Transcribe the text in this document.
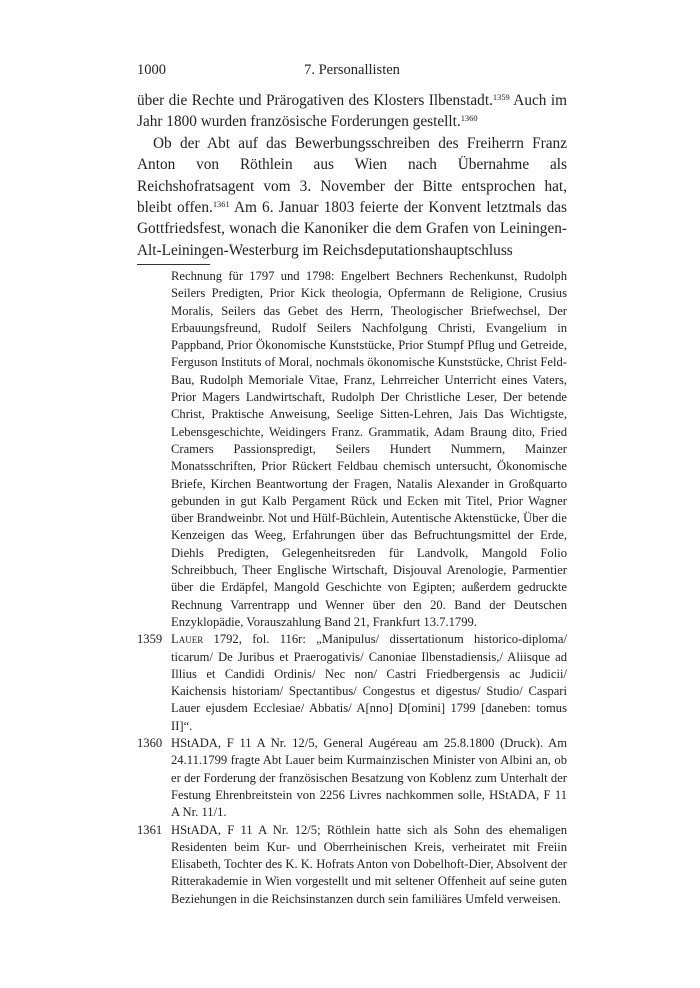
1000	7. Personallisten

über die Rechte und Prärogativen des Klosters Ilbenstadt.$^{1359}$ Auch im Jahr 1800 wurden französische Forderungen gestellt.$^{1360}$

Ob der Abt auf das Bewerbungsschreiben des Freiherrn Franz Anton von Röthlein aus Wien nach Übernahme als Reichshofratsagent vom 3. November der Bitte entsprochen hat, bleibt offen.$^{1361}$ Am 6. Januar 1803 feierte der Konvent letztmals das Gottfriedsfest, wonach die Kanoniker die dem Grafen von Leiningen-Alt-Leiningen-Westerburg im Reichsdeputationshauptschluss

Rechnung für 1797 und 1798: Engelbert Bechners Rechenkunst, Rudolph Seilers Predigten, Prior Kick theologia, Opfermann de Religione, Crusius Moralis, Seilers das Gebet des Herrn, Theologischer Briefwechsel, Der Erbauungsfreund, Rudolf Seilers Nachfolgung Christi, Evangelium in Pappband, Prior Ökonomische Kunststücke, Prior Stumpf Pflug und Getreide, Ferguson Instituts of Moral, nochmals ökonomische Kunststücke, Christ Feld-Bau, Rudolph Memoriale Vitae, Franz, Lehrreicher Unterricht eines Vaters, Prior Magers Landwirtschaft, Rudolph Der Christliche Leser, Der betende Christ, Praktische Anweisung, Seelige Sitten-Lehren, Jais Das Wichtigste, Lebensgeschichte, Weidingers Franz. Grammatik, Adam Braung dito, Fried Cramers Passionspredigt, Seilers Hundert Nummern, Mainzer Monatsschriften, Prior Rückert Feldbau chemisch untersucht, Ökonomische Briefe, Kirchen Beantwortung der Fragen, Natalis Alexander in Großquarto gebunden in gut Kalb Pergament Rück und Ecken mit Titel, Prior Wagner über Brandweinbr. Not und Hülf-Büchlein, Autentische Aktenstücke, Über die Kenzeigen das Weeg, Erfahrungen über das Befruchtungsmittel der Erde, Diehls Predigten, Gelegenheitsreden für Landvolk, Mangold Folio Schreibbuch, Theer Englische Wirtschaft, Disjouval Arenologie, Parmentier über die Erdäpfel, Mangold Geschichte von Egipten; außerdem gedruckte Rechnung Varrentrapp und Wenner über den 20. Band der Deutschen Enzyklopädie, Vorauszahlung Band 21, Frankfurt 13.7.1799.
1359 Lauer 1792, fol. 116r: „Manipulus/ dissertationum historico-diploma/ ticarum/ De Juribus et Praerogativis/ Canoniae Ilbenstadiensis,/ Aliisque ad Illius et Candidi Ordinis/ Nec non/ Castri Friedbergensis ac Judicii/ Kaichensis historiam/ Spectantibus/ Congestus et digestus/ Studio/ Caspari Lauer ejusdem Ecclesiae/ Abbatis/ A[nno] D[omini] 1799 [daneben: tomus II]“.
1360 HStADA, F 11 A Nr. 12/5, General Augéreau am 25.8.1800 (Druck). Am 24.11.1799 fragte Abt Lauer beim Kurmainzischen Minister von Albini an, ob er der Forderung der französischen Besatzung von Koblenz zum Unterhalt der Festung Ehrenbreitstein von 2256 Livres nachkommen solle, HStADA, F 11 A Nr. 11/1.
1361 HStADA, F 11 A Nr. 12/5; Röthlein hatte sich als Sohn des ehemaligen Residenten beim Kur- und Oberrheinischen Kreis, verheiratet mit Freiin Elisabeth, Tochter des K. K. Hofrats Anton von Dobelhoft-Dier, Absolvent der Ritterakademie in Wien vorgestellt und mit seltener Offenheit auf seine guten Beziehungen in die Reichsinstanzen durch sein familiäres Umfeld verweisen.
